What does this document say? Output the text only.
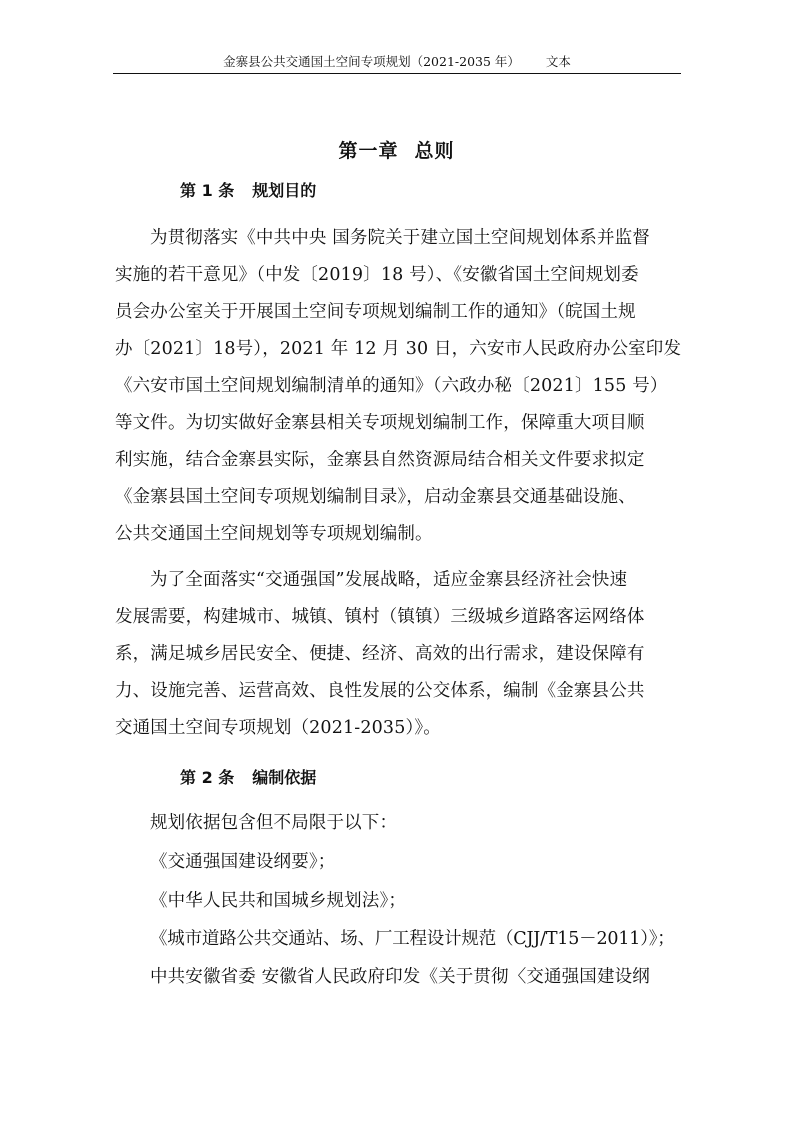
金寨县公共交通国土空间专项规划（2021-2035 年） 文本
第一章 总则
第 1 条 规划目的
为贯彻落实《中共中央 国务院关于建立国土空间规划体系并监督
实施的若干意见》（中发〔2019〕18 号）、《安徽省国土空间规划委
员会办公室关于开展国土空间专项规划编制工作的通知》（皖国土规
办〔2021〕18号），2021 年 12 月 30 日，六安市人民政府办公室印发
《六安市国土空间规划编制清单的通知》（六政办秘〔2021〕155 号）
等文件。为切实做好金寨县相关专项规划编制工作，保障重大项目顺
利实施，结合金寨县实际，金寨县自然资源局结合相关文件要求拟定
《金寨县国土空间专项规划编制目录》，启动金寨县交通基础设施、
公共交通国土空间规划等专项规划编制。
为了全面落实“交通强国”发展战略，适应金寨县经济社会快速
发展需要，构建城市、城镇、镇村（镇镇）三级城乡道路客运网络体
系，满足城乡居民安全、便捷、经济、高效的出行需求，建设保障有
力、设施完善、运营高效、良性发展的公交体系，编制《金寨县公共
交通国土空间专项规划（2021-2035）》。
第 2 条 编制依据
规划依据包含但不局限于以下：
《交通强国建设纲要》；
《中华人民共和国城乡规划法》；
《城市道路公共交通站、场、厂工程设计规范（CJJ/T15－2011）》；
中共安徽省委 安徽省人民政府印发《关于贯彻〈交通强国建设纲
